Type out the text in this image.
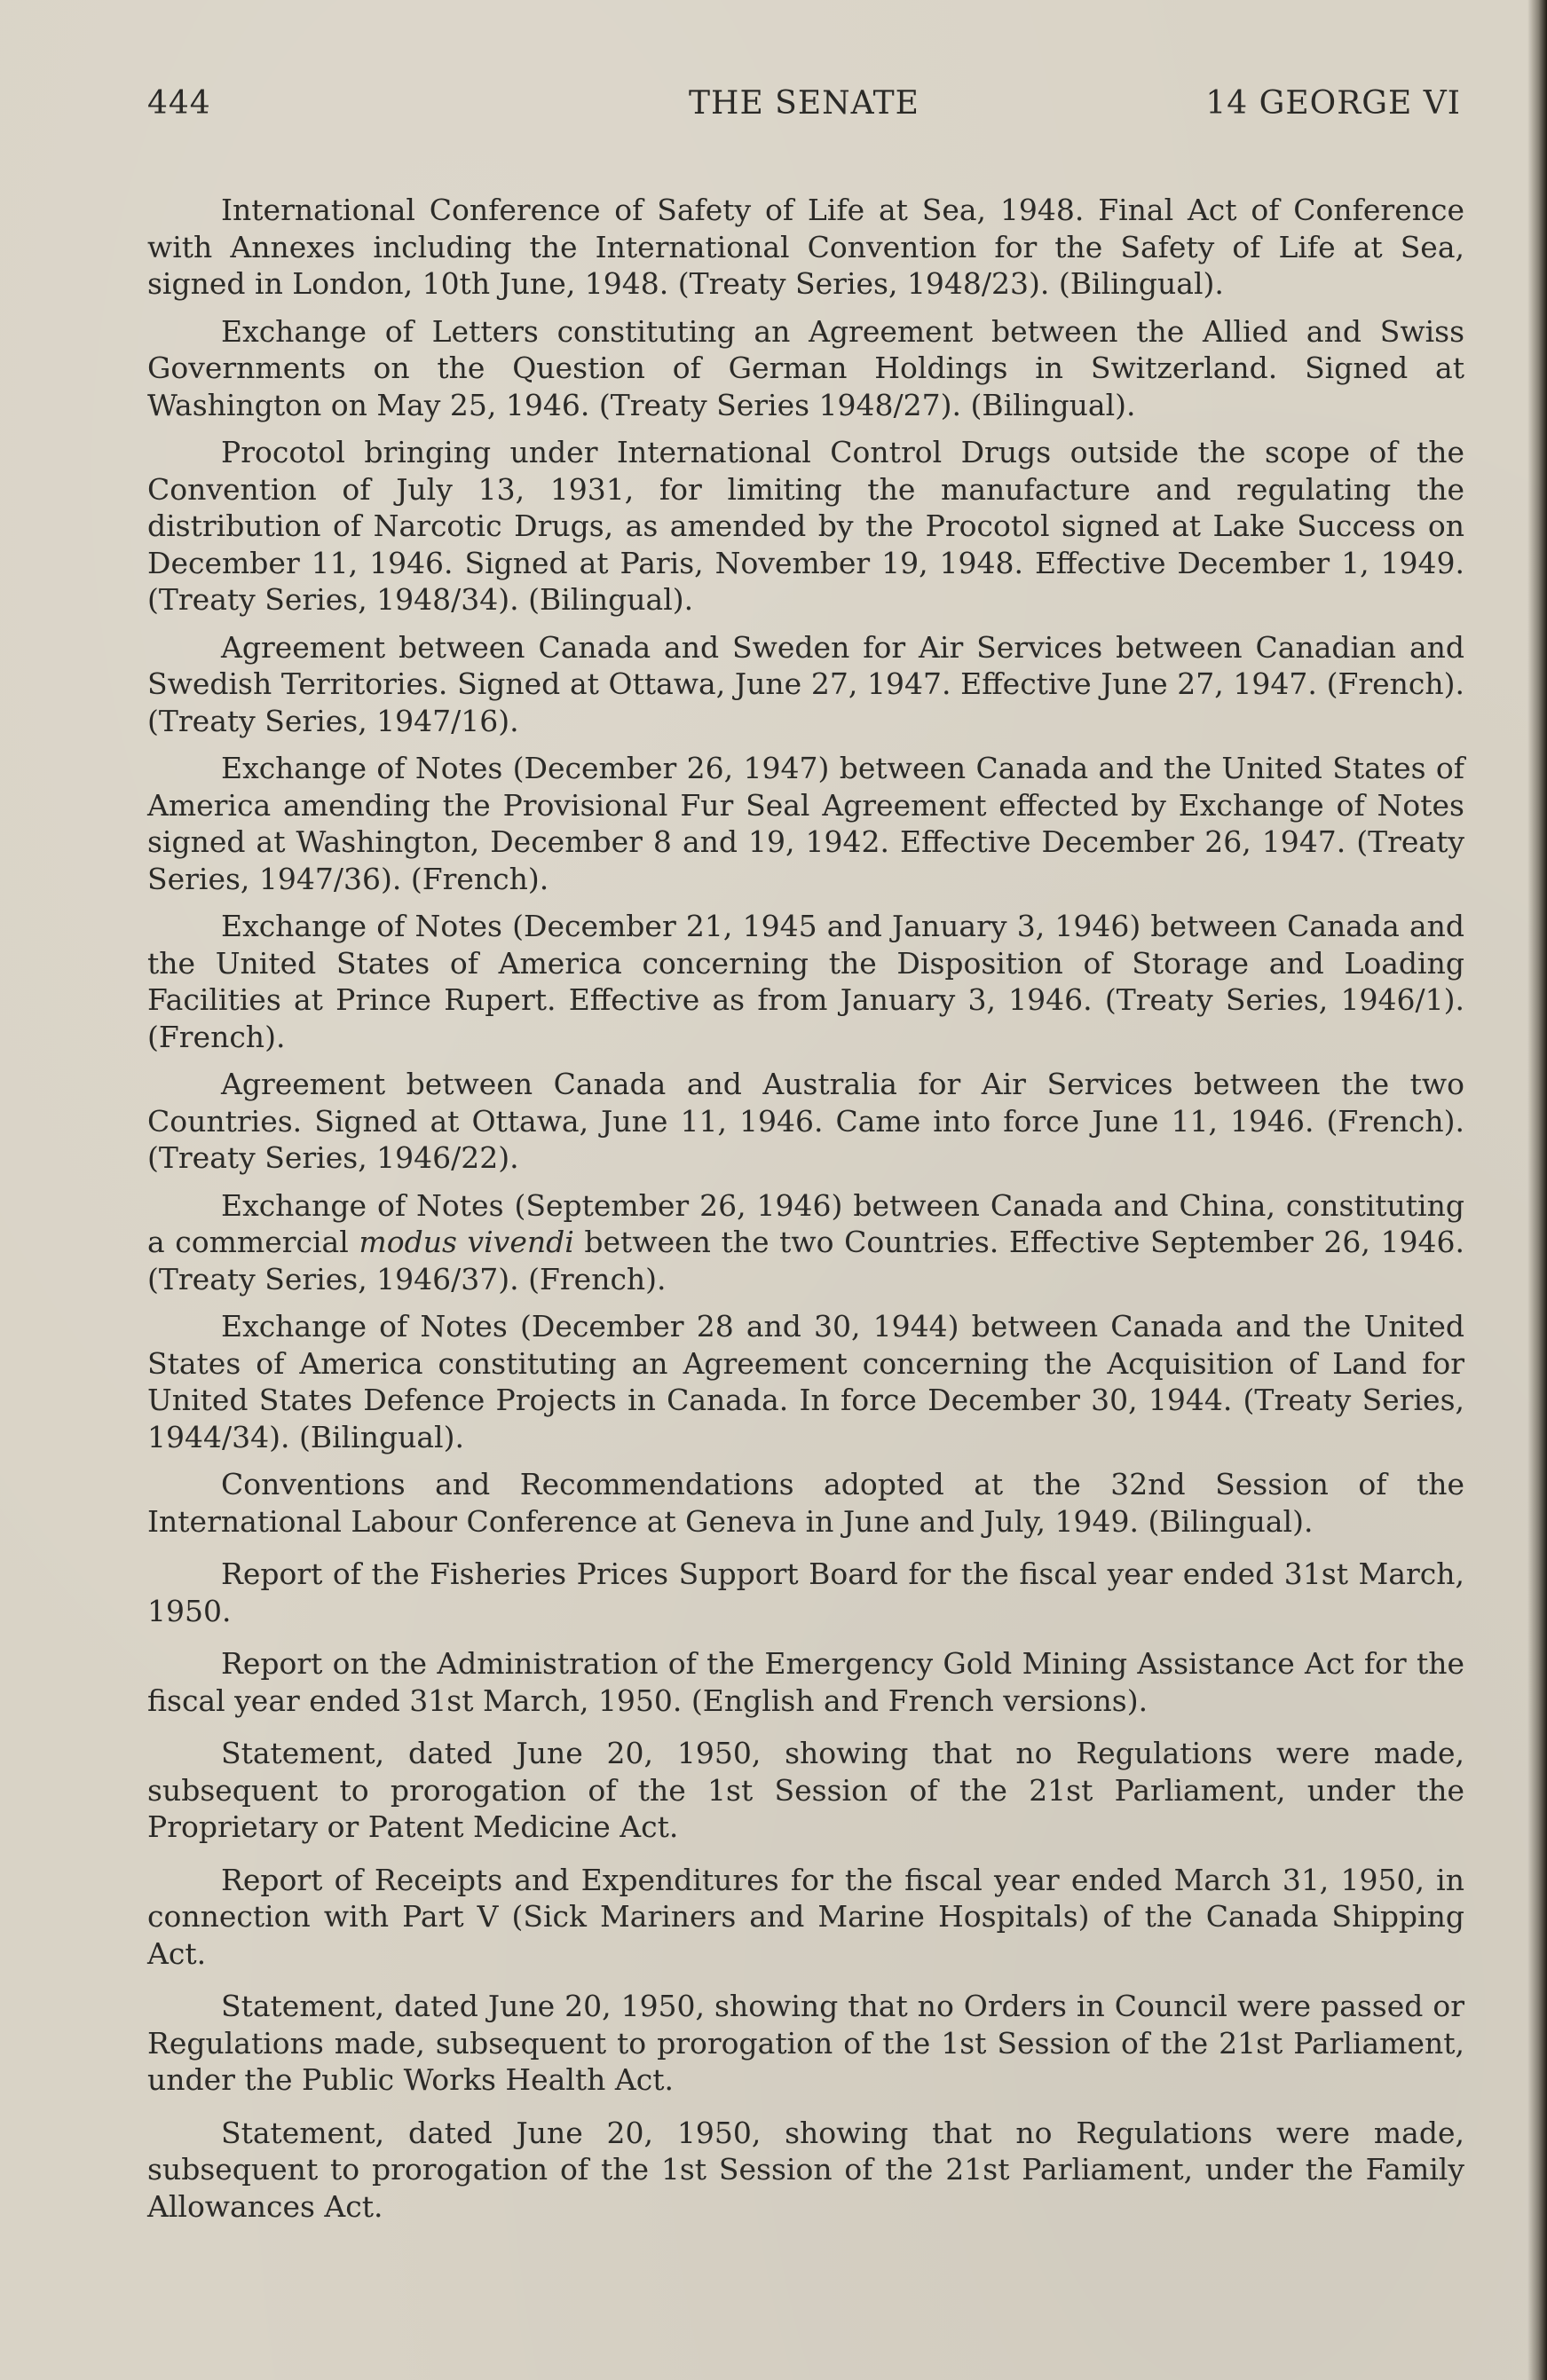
444	THE SENATE	14 GEORGE VI

International Conference of Safety of Life at Sea, 1948. Final Act of Conference with Annexes including the International Convention for the Safety of Life at Sea, signed in London, 10th June, 1948. (Treaty Series, 1948/23). (Bilingual).

Exchange of Letters constituting an Agreement between the Allied and Swiss Governments on the Question of German Holdings in Switzerland. Signed at Washington on May 25, 1946. (Treaty Series 1948/27). (Bilingual).

Procotol bringing under International Control Drugs outside the scope of the Convention of July 13, 1931, for limiting the manufacture and regulating the distribution of Narcotic Drugs, as amended by the Procotol signed at Lake Success on December 11, 1946. Signed at Paris, November 19, 1948. Effective December 1, 1949. (Treaty Series, 1948/34). (Bilingual).

Agreement between Canada and Sweden for Air Services between Canadian and Swedish Territories. Signed at Ottawa, June 27, 1947. Effective June 27, 1947. (French). (Treaty Series, 1947/16).

Exchange of Notes (December 26, 1947) between Canada and the United States of America amending the Provisional Fur Seal Agreement effected by Exchange of Notes signed at Washington, December 8 and 19, 1942. Effective December 26, 1947. (Treaty Series, 1947/36). (French).

Exchange of Notes (December 21, 1945 and January 3, 1946) between Canada and the United States of America concerning the Disposition of Storage and Loading Facilities at Prince Rupert. Effective as from January 3, 1946. (Treaty Series, 1946/1). (French).

Agreement between Canada and Australia for Air Services between the two Countries. Signed at Ottawa, June 11, 1946. Came into force June 11, 1946. (French). (Treaty Series, 1946/22).

Exchange of Notes (September 26, 1946) between Canada and China, constituting a commercial modus vivendi between the two Countries. Effective September 26, 1946. (Treaty Series, 1946/37). (French).

Exchange of Notes (December 28 and 30, 1944) between Canada and the United States of America constituting an Agreement concerning the Acquisition of Land for United States Defence Projects in Canada. In force December 30, 1944. (Treaty Series, 1944/34). (Bilingual).

Conventions and Recommendations adopted at the 32nd Session of the International Labour Conference at Geneva in June and July, 1949. (Bilingual).

Report of the Fisheries Prices Support Board for the fiscal year ended 31st March, 1950.

Report on the Administration of the Emergency Gold Mining Assistance Act for the fiscal year ended 31st March, 1950. (English and French versions).

Statement, dated June 20, 1950, showing that no Regulations were made, subsequent to prorogation of the 1st Session of the 21st Parliament, under the Proprietary or Patent Medicine Act.

Report of Receipts and Expenditures for the fiscal year ended March 31, 1950, in connection with Part V (Sick Mariners and Marine Hospitals) of the Canada Shipping Act.

Statement, dated June 20, 1950, showing that no Orders in Council were passed or Regulations made, subsequent to prorogation of the 1st Session of the 21st Parliament, under the Public Works Health Act.

Statement, dated June 20, 1950, showing that no Regulations were made, subsequent to prorogation of the 1st Session of the 21st Parliament, under the Family Allowances Act.
